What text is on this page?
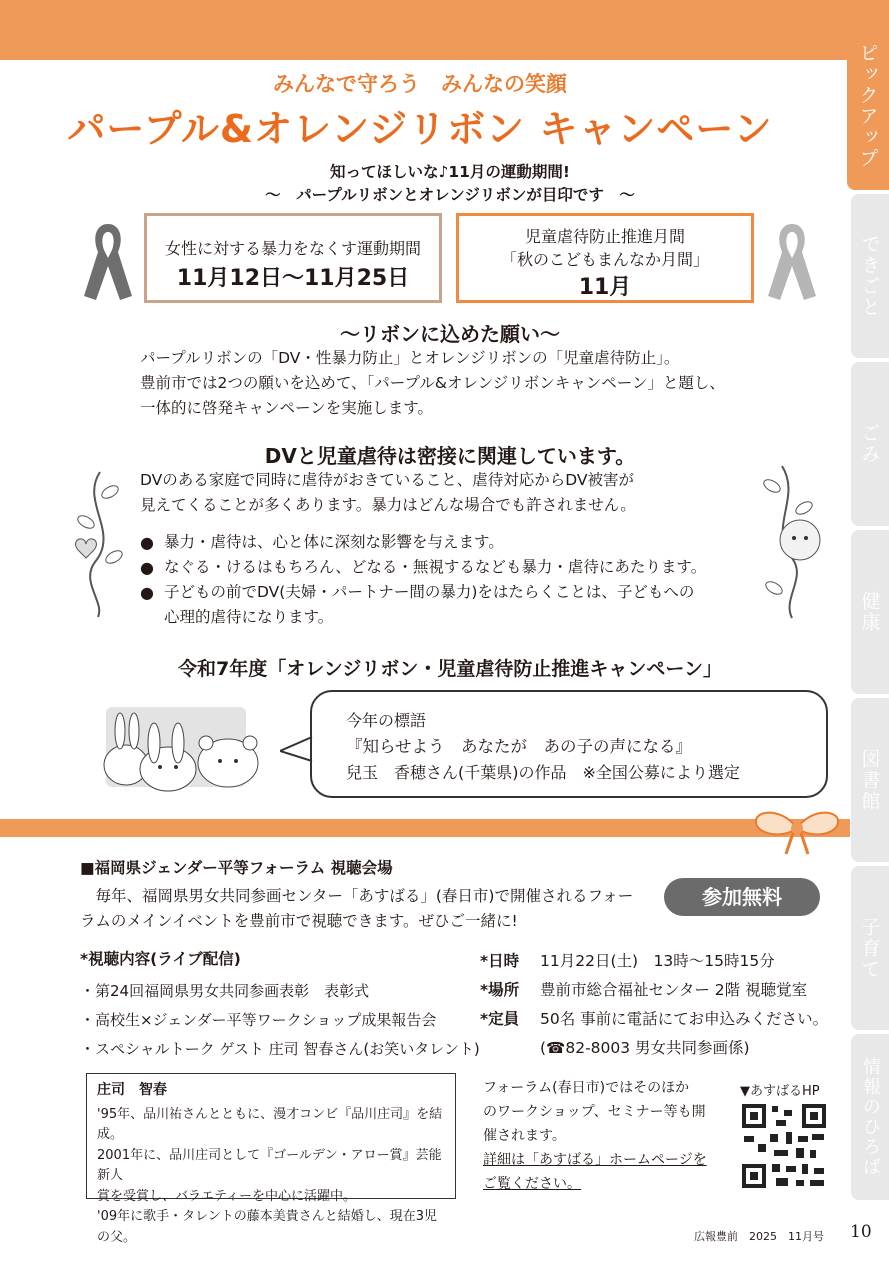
ピックアップ
できごと
ごみ
健康
図書館
子育て
情報のひろば
みんなで守ろう　みんなの笑顔
パープル&オレンジリボン キャンペーン
知ってほしいな♪11月の運動期間!
～　パープルリボンとオレンジリボンが目印です　～
女性に対する暴力をなくす運動期間
11月12日～11月25日
児童虐待防止推進月間
「秋のこどもまんなか月間」
11月
～リボンに込めた願い～
パープルリボンの「DV・性暴力防止」とオレンジリボンの「児童虐待防止」。
豊前市では2つの願いを込めて、「パープル&オレンジリボンキャンペーン」と題し、
一体的に啓発キャンペーンを実施します。
DVと児童虐待は密接に関連しています。
DVのある家庭で同時に虐待がおきていること、虐待対応からDV被害が
見えてくることが多くあります。暴力はどんな場合でも許されません。
● 暴力・虐待は、心と体に深刻な影響を与えます。
● なぐる・けるはもちろん、どなる・無視するなども暴力・虐待にあたります。
● 子どもの前でDV(夫婦・パートナー間の暴力)をはたらくことは、子どもへの
心理的虐待になります。
令和7年度「オレンジリボン・児童虐待防止推進キャンペーン」
今年の標語
『知らせよう　あなたが　あの子の声になる』
兒玉　香穂さん(千葉県)の作品　※全国公募により選定
■福岡県ジェンダー平等フォーラム 視聴会場
　毎年、福岡県男女共同参画センター「あすばる」(春日市)で開催されるフォー
ラムのメインイベントを豊前市で視聴できます。ぜひご一緒に!
参加無料
*視聴内容(ライブ配信)
・第24回福岡県男女共同参画表彰　表彰式
・高校生×ジェンダー平等ワークショップ成果報告会
・スペシャルトーク ゲスト 庄司 智春さん(お笑いタレント)
*日時 11月22日(土)　13時～15時15分
*場所 豊前市総合福祉センター 2階 視聴覚室
*定員 50名 事前に電話にてお申込みください。
(☎82-8003 男女共同参画係)
庄司　智春
'95年、品川祐さんとともに、漫才コンビ『品川庄司』を結成。
2001年に、品川庄司として『ゴールデン・アロー賞』芸能新人
賞を受賞し、バラエティーを中心に活躍中。
'09年に歌手・タレントの藤本美貴さんと結婚し、現在3児の父。
フォーラム(春日市)ではそのほか
のワークショップ、セミナー等も開
催されます。
詳細は「あすばる」ホームページを
ご覧ください。
▼あすばるHP
広報豊前　2025　11月号 10
